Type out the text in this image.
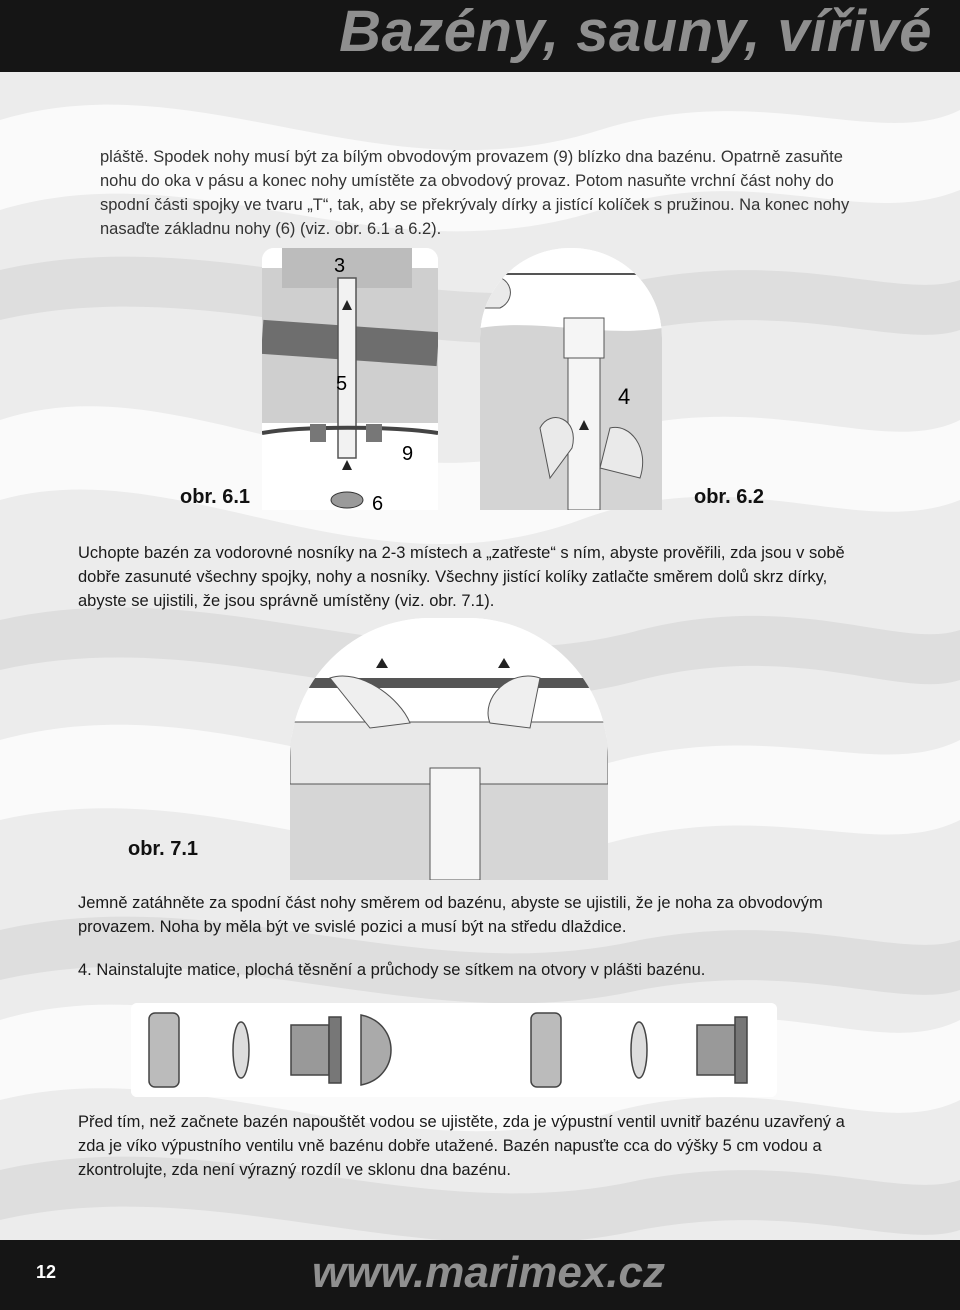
Bazény, sauny, vířivé

pláště. Spodek nohy musí být za bílým obvodovým provazem (9) blízko dna bazénu. Opatrně zasuňte nohu do oka v pásu a konec nohy umístěte za obvodový provaz. Potom nasuňte vrchní část nohy do spodní části spojky ve tvaru „T“, tak, aby se překrývaly dírky a jistící kolíček s pružinou. Na konec nohy nasaďte základnu nohy (6) (viz. obr. 6.1 a 6.2).

3
5
9
6
obr. 6.1
4
obr. 6.2

Uchopte bazén za vodorovné nosníky na 2-3 místech a „zatřeste“ s ním, abyste prověřili, zda jsou v sobě dobře zasunuté všechny spojky, nohy a nosníky. Všechny jistící kolíky zatlačte směrem dolů skrz dírky, abyste se ujistili, že jsou správně umístěny (viz. obr. 7.1).

obr. 7.1

Jemně zatáhněte za spodní část nohy směrem od bazénu, abyste se ujistili, že je noha za obvodovým provazem. Noha by měla být ve svislé pozici a musí být na středu dlaždice.

4. Nainstalujte matice, plochá těsnění a průchody se sítkem na otvory v plášti bazénu.

Před tím, než začnete bazén napouštět vodou se ujistěte, zda je výpustní ventil uvnitř bazénu uzavřený a zda je víko výpustního ventilu vně bazénu dobře utažené. Bazén napusťte cca do výšky 5 cm vodou a zkontrolujte, zda není výrazný rozdíl ve sklonu dna bazénu.

12	www.marimex.cz
